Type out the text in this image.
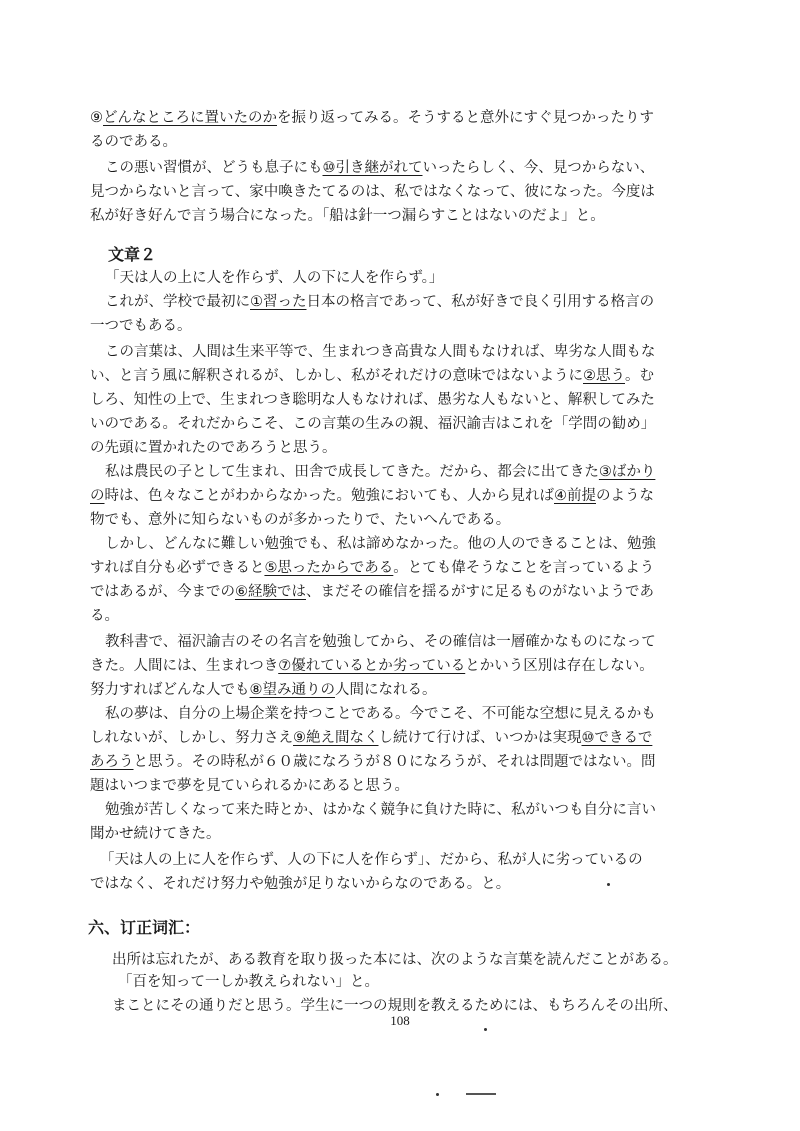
⑨どんなところに置いたのかを振り返ってみる。そうすると意外にすぐ見つかったりす
るのである。
この悪い習慣が、どうも息子にも⑩引き継がれていったらしく、今、見つからない、
見つからないと言って、家中喚きたてるのは、私ではなくなって、彼になった。今度は
私が好き好んで言う場合になった。「船は針一つ漏らすことはないのだよ」と。
文章２
「天は人の上に人を作らず、人の下に人を作らず。」
これが、学校で最初に①習った日本の格言であって、私が好きで良く引用する格言の
一つでもある。
この言葉は、人間は生来平等で、生まれつき高貴な人間もなければ、卑劣な人間もな
い、と言う風に解釈されるが、しかし、私がそれだけの意味ではないように②思う。む
しろ、知性の上で、生まれつき聡明な人もなければ、愚劣な人もないと、解釈してみた
いのである。それだからこそ、この言葉の生みの親、福沢諭吉はこれを「学問の勧め」
の先頭に置かれたのであろうと思う。
私は農民の子として生まれ、田舎で成長してきた。だから、都会に出てきた③ばかり
の時は、色々なことがわからなかった。勉強においても、人から見れば④前提のような
物でも、意外に知らないものが多かったりで、たいへんである。
しかし、どんなに難しい勉強でも、私は諦めなかった。他の人のできることは、勉強
すれば自分も必ずできると⑤思ったからである。とても偉そうなことを言っているよう
ではあるが、今までの⑥経験では、まだその確信を揺るがすに足るものがないようであ
る。
教科書で、福沢諭吉のその名言を勉強してから、その確信は一層確かなものになって
きた。人間には、生まれつき⑦優れているとか劣っているとかいう区別は存在しない。
努力すればどんな人でも⑧望み通りの人間になれる。
私の夢は、自分の上場企業を持つことである。今でこそ、不可能な空想に見えるかも
しれないが、しかし、努力さえ⑨絶え間なくし続けて行けば、いつかは実現⑩できるで
あろうと思う。その時私が６０歳になろうが８０になろうが、それは問題ではない。問
題はいつまで夢を見ていられるかにあると思う。
勉強が苦しくなって来た時とか、はかなく競争に負けた時に、私がいつも自分に言い
聞かせ続けてきた。
「天は人の上に人を作らず、人の下に人を作らず」、だから、私が人に劣っているの
ではなく、それだけ努力や勉強が足りないからなのである。と。
六、订正词汇：
出所は忘れたが、ある教育を取り扱った本には、次のような言葉を読んだことがある。
「百を知って一しか教えられない」と。
まことにその通りだと思う。学生に一つの規則を教えるためには、もちろんその出所、
108
